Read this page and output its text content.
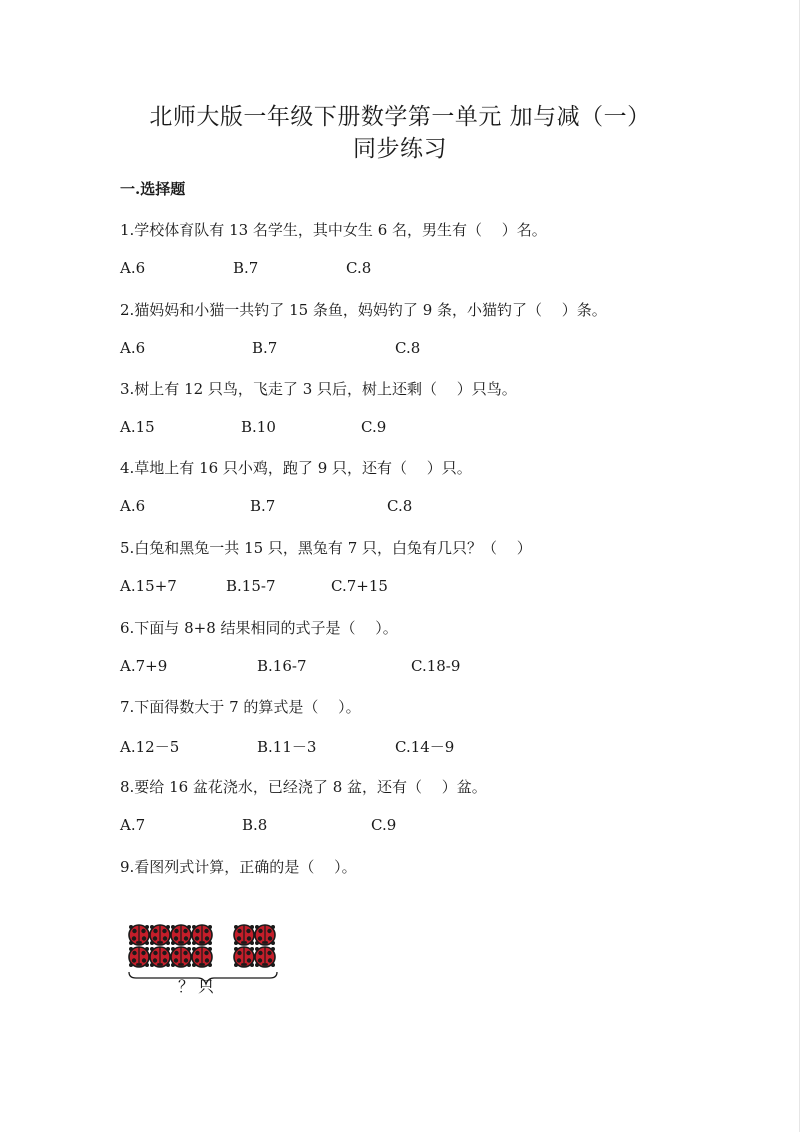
北师大版一年级下册数学第一单元 加与减（一）
同步练习
一.选择题
1.学校体育队有 13 名学生，其中女生 6 名，男生有（　 ）名。
A.6	B.7	C.8
2.猫妈妈和小猫一共钓了 15 条鱼，妈妈钓了 9 条，小猫钓了（　 ）条。
A.6	B.7	C.8
3.树上有 12 只鸟，飞走了 3 只后，树上还剩（　 ）只鸟。
A.15	B.10	C.9
4.草地上有 16 只小鸡，跑了 9 只，还有（　 ）只。
A.6	B.7	C.8
5.白兔和黑兔一共 15 只，黑兔有 7 只，白兔有几只？（　 ）
A.15+7	B.15-7	C.7+15
6.下面与 8+8 结果相同的式子是（　 ）。
A.7+9	B.16-7	C.18-9
7.下面得数大于 7 的算式是（　 ）。
A.12－5	B.11－3	C.14－9
8.要给 16 盆花浇水，已经浇了 8 盆，还有（　 ）盆。
A.7	B.8	C.9
9.看图列式计算，正确的是（　 ）。
？只
